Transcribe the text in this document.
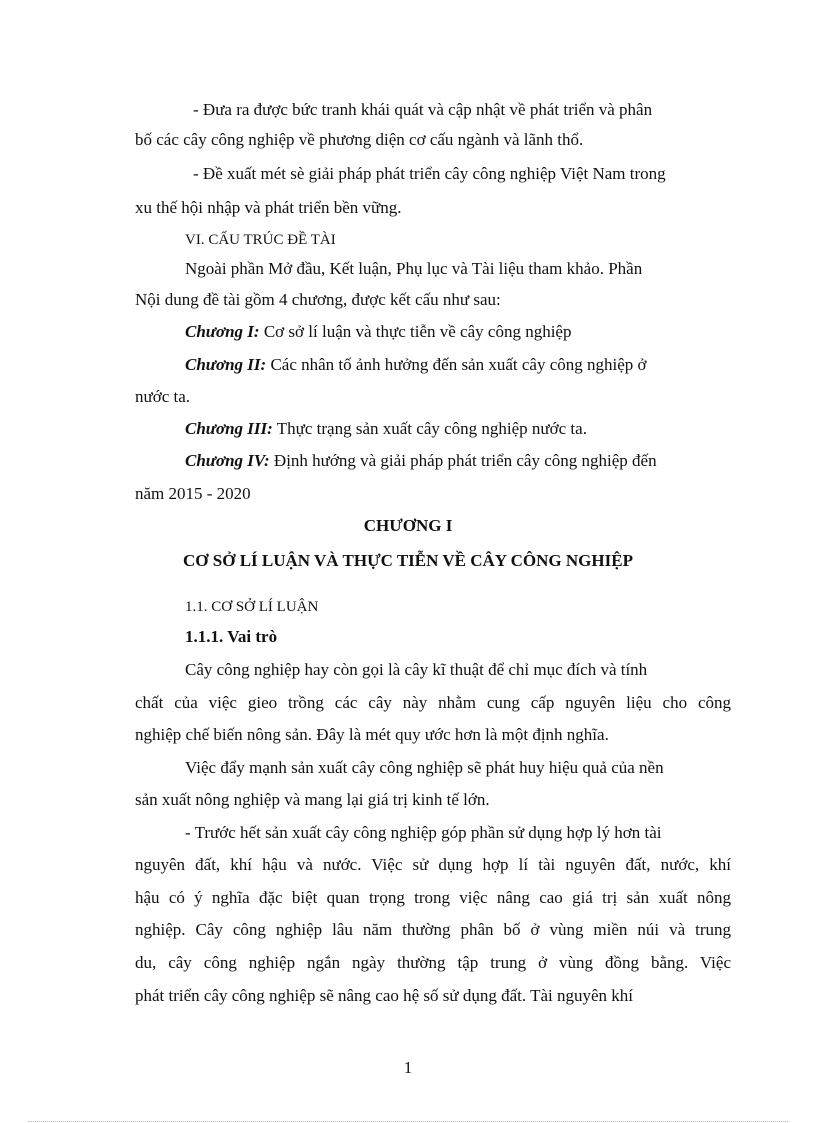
- Đưa ra được bức tranh khái quát và cập nhật về phát triển và phân

bố các cây công nghiệp về phương diện cơ cấu ngành và lãnh thổ.

- Đề xuất mét sè giải pháp phát triển cây công nghiệp Việt Nam trong

xu thế hội nhập và phát triển bền vững.

VI. CẤU TRÚC ĐỀ TÀI

Ngoài phần Mở đầu, Kết luận, Phụ lục và Tài liệu tham khảo. Phần

Nội dung đề tài gồm 4 chương, được kết cấu như sau:

Chương I: Cơ sở lí luận và thực tiễn về cây công nghiệp

Chương II: Các nhân tố ảnh hưởng đến sản xuất cây công nghiệp ở

nước ta.

Chương III: Thực trạng sản xuất cây công nghiệp nước ta.

Chương IV: Định hướng và giải pháp phát triển cây công nghiệp đến

năm 2015 - 2020

CHƯƠNG I

CƠ SỞ LÍ LUẬN VÀ THỰC TIỄN VỀ CÂY CÔNG NGHIỆP

1.1. CƠ SỞ LÍ LUẬN

1.1.1. Vai trò

Cây công nghiệp hay còn gọi là cây kĩ thuật để chỉ mục đích và tính

chất của việc gieo trồng các cây này nhằm cung cấp nguyên liệu cho công

nghiệp chế biến nông sản. Đây là mét quy ước hơn là một định nghĩa.

Việc đẩy mạnh sản xuất cây công nghiệp sẽ phát huy hiệu quả của nền

sản xuất nông nghiệp và mang lại giá trị kinh tế lớn.

- Trước hết sản xuất cây công nghiệp góp phần sử dụng hợp lý hơn tài

nguyên đất, khí hậu và nước. Việc sử dụng hợp lí tài nguyên đất, nước, khí

hậu có ý nghĩa đặc biệt quan trọng trong việc nâng cao giá trị sản xuất nông

nghiệp. Cây công nghiệp lâu năm thường phân bố ở vùng miền núi và trung

du, cây công nghiệp ngắn ngày thường tập trung ở vùng đồng bằng. Việc

phát triển cây công nghiệp sẽ nâng cao hệ số sử dụng đất. Tài nguyên khí

1
